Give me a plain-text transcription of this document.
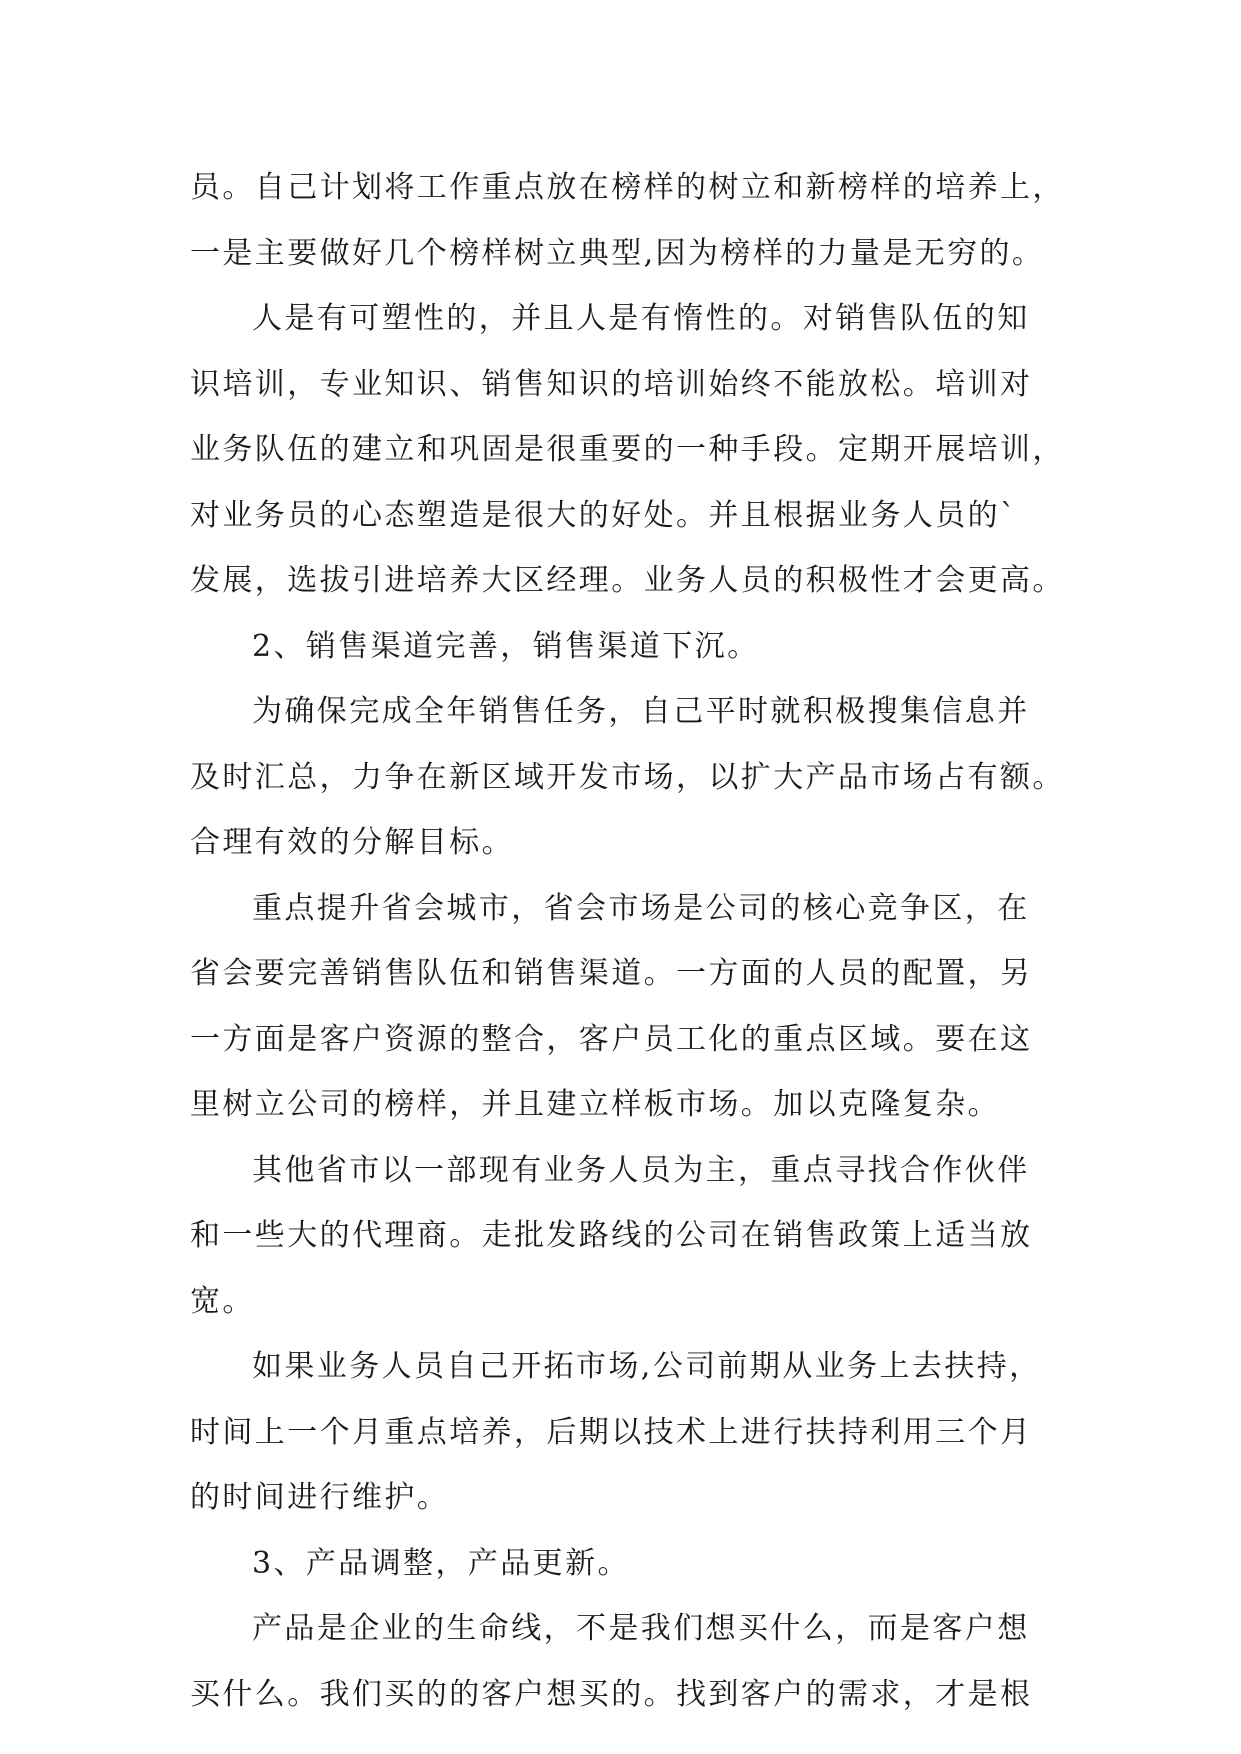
员。自己计划将工作重点放在榜样的树立和新榜样的培养上，
一是主要做好几个榜样树立典型,因为榜样的力量是无穷的。
人是有可塑性的，并且人是有惰性的。对销售队伍的知
识培训，专业知识、销售知识的培训始终不能放松。培训对
业务队伍的建立和巩固是很重要的一种手段。定期开展培训，
对业务员的心态塑造是很大的好处。并且根据业务人员的`
发展，选拔引进培养大区经理。业务人员的积极性才会更高。
2、销售渠道完善，销售渠道下沉。
为确保完成全年销售任务，自己平时就积极搜集信息并
及时汇总，力争在新区域开发市场，以扩大产品市场占有额。
合理有效的分解目标。
重点提升省会城市，省会市场是公司的核心竞争区，在
省会要完善销售队伍和销售渠道。一方面的人员的配置，另
一方面是客户资源的整合，客户员工化的重点区域。要在这
里树立公司的榜样，并且建立样板市场。加以克隆复杂。
其他省市以一部现有业务人员为主，重点寻找合作伙伴
和一些大的代理商。走批发路线的公司在销售政策上适当放
宽。
如果业务人员自己开拓市场,公司前期从业务上去扶持，
时间上一个月重点培养，后期以技术上进行扶持利用三个月
的时间进行维护。
3、产品调整，产品更新。
产品是企业的生命线，不是我们想买什么，而是客户想
买什么。我们买的的客户想买的。找到客户的需求，才是根
